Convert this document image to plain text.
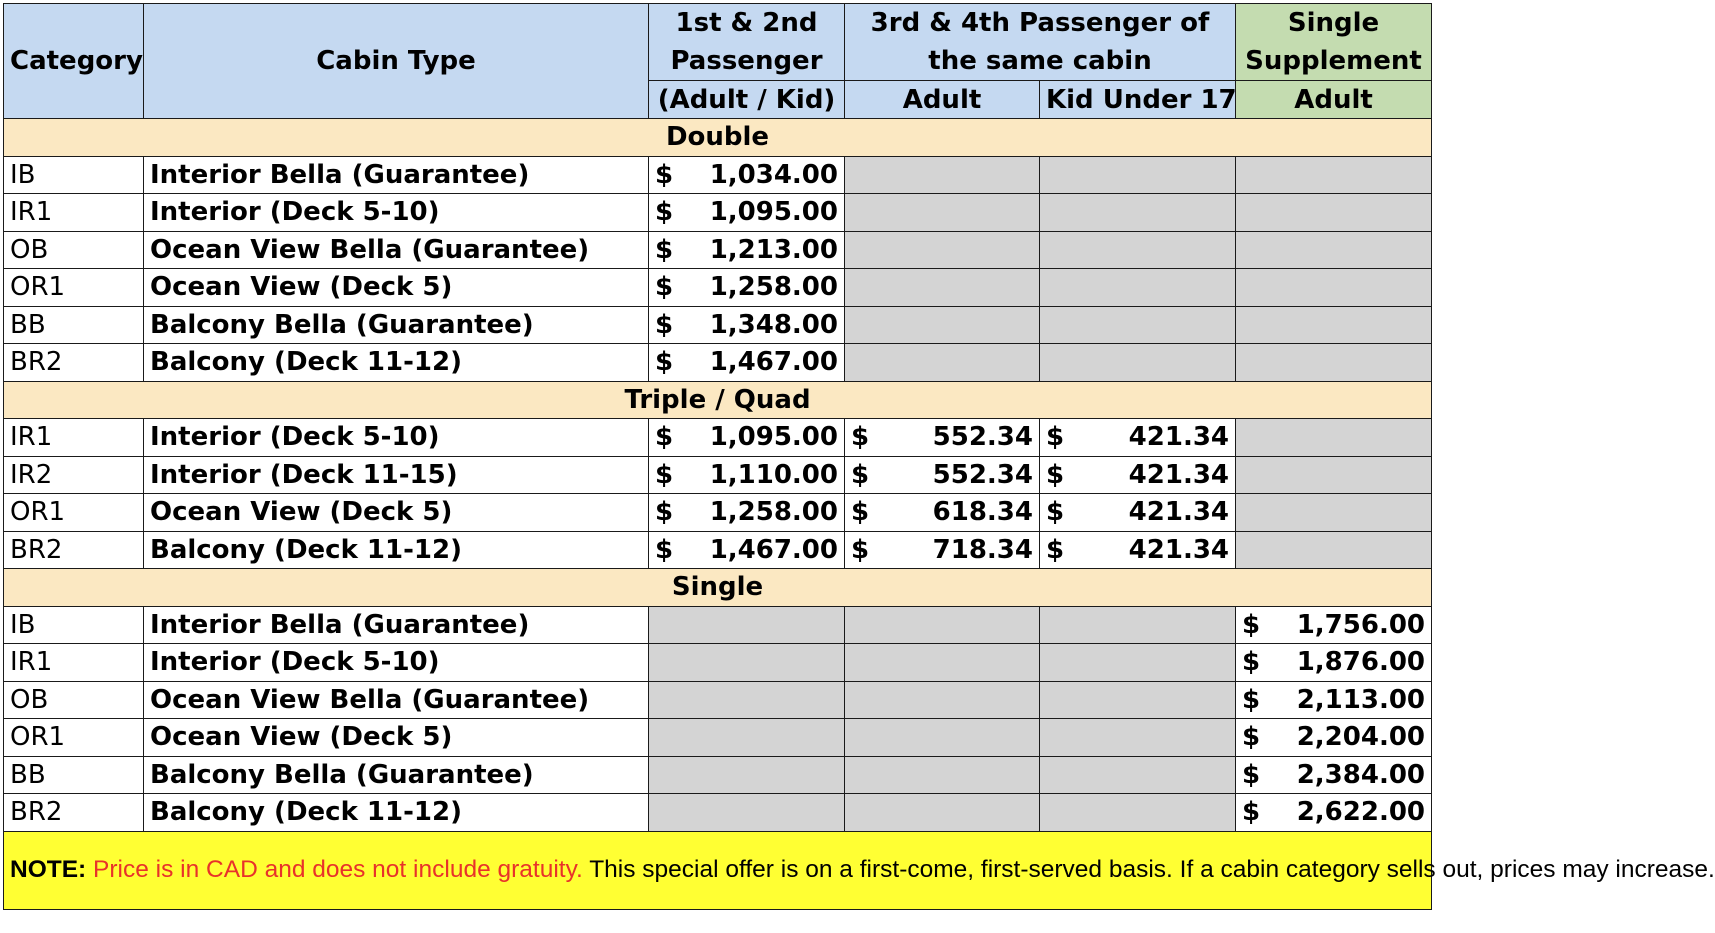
Category	Cabin Type	1st & 2nd Passenger	3rd & 4th Passenger of the same cabin		Single Supplement

		(Adult / Kid)	Adult	Kid Under 17	Adult
Double					
IB	Interior Bella (Guarantee)	$ 1,034.00			

IR1	Interior (Deck 5-10)	$ 1,095.00			

OB	Ocean View Bella (Guarantee)	$ 1,213.00			

OR1	Ocean View (Deck 5)	$ 1,258.00			

BB	Balcony Bella (Guarantee)	$ 1,348.00			

BR2	Balcony (Deck 11-12)	$ 1,467.00			

Triple / Quad					
IR1	Interior (Deck 5-10)	$ 1,095.00	$ 552.34	$ 421.34	

IR2	Interior (Deck 11-15)	$ 1,110.00	$ 552.34	$ 421.34	

OR1	Ocean View (Deck 5)	$ 1,258.00	$ 618.34	$ 421.34	

BR2	Balcony (Deck 11-12)	$ 1,467.00	$ 718.34	$ 421.34	

Single					
IB	Interior Bella (Guarantee)				$ 1,756.00

IR1	Interior (Deck 5-10)				$ 1,876.00

OB	Ocean View Bella (Guarantee)				$ 2,113.00

OR1	Ocean View (Deck 5)				$ 2,204.00

BB	Balcony Bella (Guarantee)				$ 2,384.00

BR2	Balcony (Deck 11-12)				$ 2,622.00

NOTE: Price is in CAD and does not include gratuity. This special offer is on a first-come, first-served basis. If a cabin category sells out, prices may increase.					
